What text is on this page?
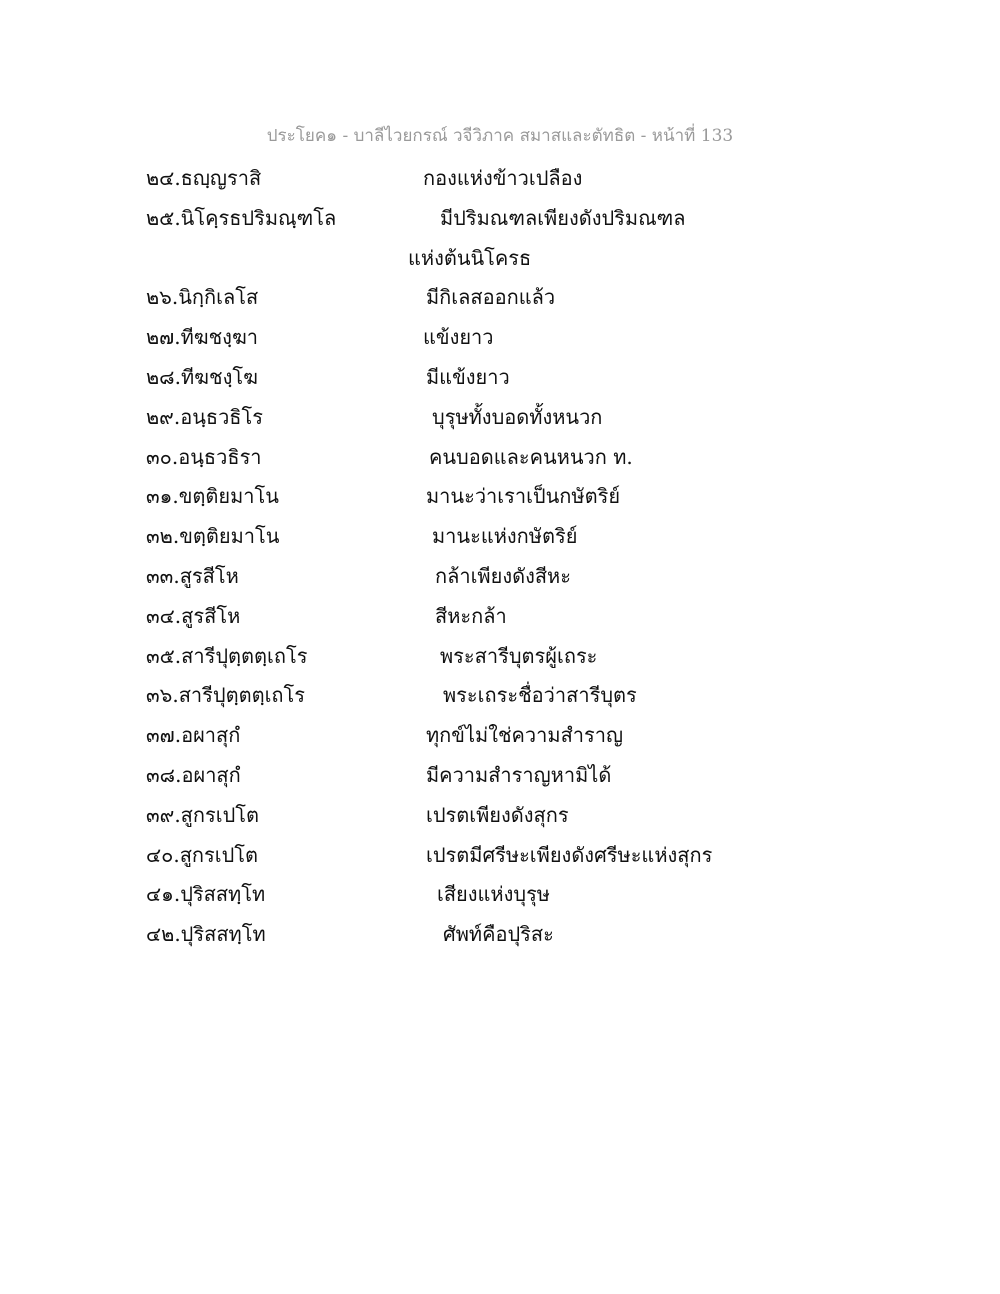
ประโยค๑ - บาลีไวยกรณ์ วจีวิภาค สมาสและตัทธิต - หน้าที่ 133
๒๔.ธญฺญราสิ	กองแห่งข้าวเปลือง
๒๕.นิโคฺรธปริมณฺฑโล	มีปริมณฑลเพียงดังปริมณฑล
แห่งต้นนิโครธ
๒๖.นิกฺกิเลโส	มีกิเลสออกแล้ว
๒๗.ทีฆชงฺฆา	แข้งยาว
๒๘.ทีฆชงฺโฆ	มีแข้งยาว
๒๙.อนฺธวธิโร	บุรุษทั้งบอดทั้งหนวก
๓๐.อนฺธวธิรา	คนบอดและคนหนวก ท.
๓๑.ขตฺติยมาโน	มานะว่าเราเป็นกษัตริย์
๓๒.ขตฺติยมาโน	มานะแห่งกษัตริย์
๓๓.สูรสีโห	กล้าเพียงดังสีหะ
๓๔.สูรสีโห	สีหะกล้า
๓๕.สารีปุตฺตตฺเถโร	พระสารีบุตรผู้เถระ
๓๖.สารีปุตฺตตฺเถโร	พระเถระชื่อว่าสารีบุตร
๓๗.อผาสุกํ	ทุกข์ไม่ใช่ความสำราญ
๓๘.อผาสุกํ	มีความสำราญหามิได้
๓๙.สูกรเปโต	เปรตเพียงดังสุกร
๔๐.สูกรเปโต	เปรตมีศรีษะเพียงดังศรีษะแห่งสุกร
๔๑.ปุริสสทฺโท	เสียงแห่งบุรุษ
๔๒.ปุริสสทฺโท	ศัพท์คือปุริสะ
